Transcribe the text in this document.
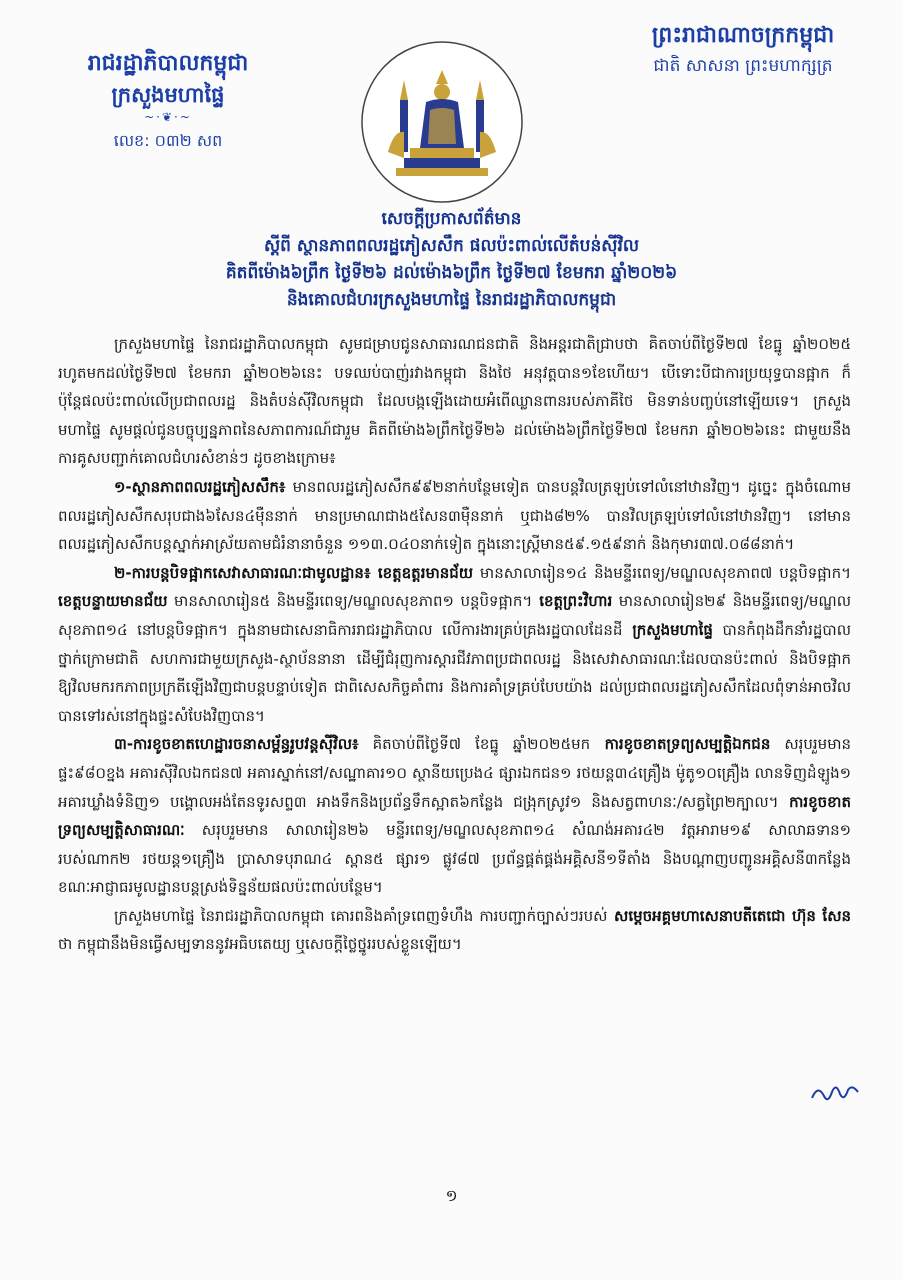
រាជរដ្ឋាភិបាលកម្ពុជា
ក្រសួងមហាផ្ទៃ
~·❦·~
លេខ: ០៣២ សព
ព្រះរាជាណាចក្រកម្ពុជា
ជាតិ សាសនា ព្រះមហាក្សត្រ
សេចក្តីប្រកាសព័ត៌មាន
ស្តីពី ស្ថានភាពពលរដ្ឋភៀសសឹក ផលប៉ះពាល់លើតំបន់ស៊ីវិល
គិតពីម៉ោង៦ព្រឹក ថ្ងៃទី២៦ ដល់ម៉ោង៦ព្រឹក ថ្ងៃទី២៧ ខែមករា ឆ្នាំ២០២៦
និងគោលជំហរក្រសួងមហាផ្ទៃ នៃរាជរដ្ឋាភិបាលកម្ពុជា

ក្រសួងមហាផ្ទៃ នៃរាជរដ្ឋាភិបាលកម្ពុជា សូមជម្រាបជូនសាធារណជនជាតិ និងអន្តរជាតិជ្រាបថា គិតចាប់ពីថ្ងៃទី២៧ ខែធ្នូ ឆ្នាំ២០២៥ រហូតមកដល់ថ្ងៃទី២៧ ខែមករា ឆ្នាំ២០២៦នេះ បទឈប់បាញ់រវាងកម្ពុជា និងថៃ អនុវត្តបាន១ខែហើយ។ បើទោះបីជាការប្រយុទ្ធបានផ្អាក ក៏ប៉ុន្តែផលប៉ះពាល់លើប្រជាពលរដ្ឋ និងតំបន់ស៊ីវិលកម្ពុជា ដែលបង្កឡើងដោយអំពើឈ្លានពានរបស់ភាគីថៃ មិនទាន់បញ្ចប់នៅឡើយទេ។ ក្រសួងមហាផ្ទៃ សូមផ្តល់ជូនបច្ចុប្បន្នភាពនៃសភាពការណ៍ជារួម គិតពីម៉ោង៦ព្រឹកថ្ងៃទី២៦ ដល់ម៉ោង៦ព្រឹកថ្ងៃទី២៧ ខែមករា ឆ្នាំ២០២៦នេះ ជាមួយនឹងការគូសបញ្ជាក់គោលជំហរសំខាន់ៗ ដូចខាងក្រោម៖

១-ស្ថានភាពពលរដ្ឋភៀសសឹក៖ មានពលរដ្ឋភៀសសឹក៩៩២នាក់បន្ថែមទៀត បានបន្តវិលត្រឡប់ទៅលំនៅឋានវិញ។ ដូច្នេះ ក្នុងចំណោមពលរដ្ឋភៀសសឹកសរុបជាង៦សែន៤ម៉ឺននាក់ មានប្រមាណជាង៥សែន៣ម៉ឺននាក់ ឬជាង៨២% បានវិលត្រឡប់ទៅលំនៅឋានវិញ។ នៅមានពលរដ្ឋភៀសសឹកបន្តស្នាក់អាស្រ័យតាមជំរំនានាចំនួន ១១៣.០៤០នាក់ទៀត ក្នុងនោះស្ត្រីមាន៥៩.១៥៩នាក់ និងកុមារ៣៧.០៨៨នាក់។

២-ការបន្តបិទផ្អាកសេវាសាធារណៈជាមូលដ្ឋាន៖ ខេត្តឧត្តរមានជ័យ មានសាលារៀន១៤ និងមន្ទីរពេទ្យ/មណ្ឌលសុខភាព៧ បន្តបិទផ្អាក។ ខេត្តបន្ទាយមានជ័យ មានសាលារៀន៥ និងមន្ទីរពេទ្យ/មណ្ឌលសុខភាព១ បន្តបិទផ្អាក។ ខេត្តព្រះវិហារ មានសាលារៀន២៩ និងមន្ទីរពេទ្យ/មណ្ឌលសុខភាព១៤ នៅបន្តបិទផ្អាក។ ក្នុងនាមជាសេនាធិការរាជរដ្ឋាភិបាល លើការងារគ្រប់គ្រងរដ្ឋបាលដែនដី ក្រសួងមហាផ្ទៃ បានកំពុងដឹកនាំរដ្ឋបាលថ្នាក់ក្រោមជាតិ សហការជាមួយក្រសួង-ស្ថាប័ននានា ដើម្បីជំរុញការស្តារជីវភាពប្រជាពលរដ្ឋ និងសេវាសាធារណៈដែលបានប៉ះពាល់ និងបិទផ្អាក ឱ្យវិលមករកភាពប្រក្រតីឡើងវិញជាបន្តបន្ទាប់ទៀត ជាពិសេសកិច្ចគាំពារ និងការគាំទ្រគ្រប់បែបយ៉ាង ដល់ប្រជាពលរដ្ឋភៀសសឹកដែលពុំទាន់អាចវិលបានទៅរស់នៅក្នុងផ្ទះសំបែងវិញបាន។

៣-ការខូចខាតហេដ្ឋារចនាសម្ព័ន្ធរូបវន្តស៊ីវិល៖ គិតចាប់ពីថ្ងៃទី៧ ខែធ្នូ ឆ្នាំ២០២៥មក ការខូចខាតទ្រព្យសម្បត្តិឯកជន សរុបរួមមាន ផ្ទះ៩៨០ខ្នង អគារស៊ីវិលឯកជន៧ អគារស្នាក់នៅ/សណ្ឋាគារ១០ ស្ថានីយប្រេង៤ ផ្សារឯកជន១ រថយន្ត៣៤គ្រឿង ម៉ូតូ១០គ្រឿង លានទិញដំឡូង១ អគារឃ្លាំងទំនិញ១ បង្គោលអង់តែនទូរសព្ទ៣ អាងទឹកនិងប្រព័ន្ធទឹកស្អាត៦កន្លែង ជង្រុកស្រូវ១ និងសត្វពាហនៈ/សត្វព្រៃ២ក្បាល។ ការខូចខាតទ្រព្យសម្បត្តិសាធារណៈ សរុបរួមមាន សាលារៀន២៦ មន្ទីរពេទ្យ/មណ្ឌលសុខភាព១៤ សំណង់អគារ៤២ វត្តអារាម១៩ សាលាឆទាន១ របស់ណាក២ រថយន្ត១គ្រឿង ប្រាសាទបុរាណ៤ ស្ពាន៥ ផ្សារ១ ផ្លូវ៨៧ ប្រព័ន្ធផ្គត់ផ្គង់អគ្គិសនី១ទីតាំង និងបណ្តាញបញ្ជូនអគ្គិសនី៣កន្លែង ខណៈអាជ្ញាធរមូលដ្ឋានបន្តស្រង់ទិន្នន័យផលប៉ះពាល់បន្ថែម។

ក្រសួងមហាផ្ទៃ នៃរាជរដ្ឋាភិបាលកម្ពុជា គោរពនិងគាំទ្រពេញទំហឹង ការបញ្ជាក់ច្បាស់ៗរបស់ សម្តេចអគ្គមហាសេនាបតីតេជោ ហ៊ុន សែន ថា កម្ពុជានឹងមិនធ្វើសម្បទាននូវអធិបតេយ្យ ឬសេចក្តីថ្លៃថ្នូររបស់ខ្លួនឡើយ។

១
